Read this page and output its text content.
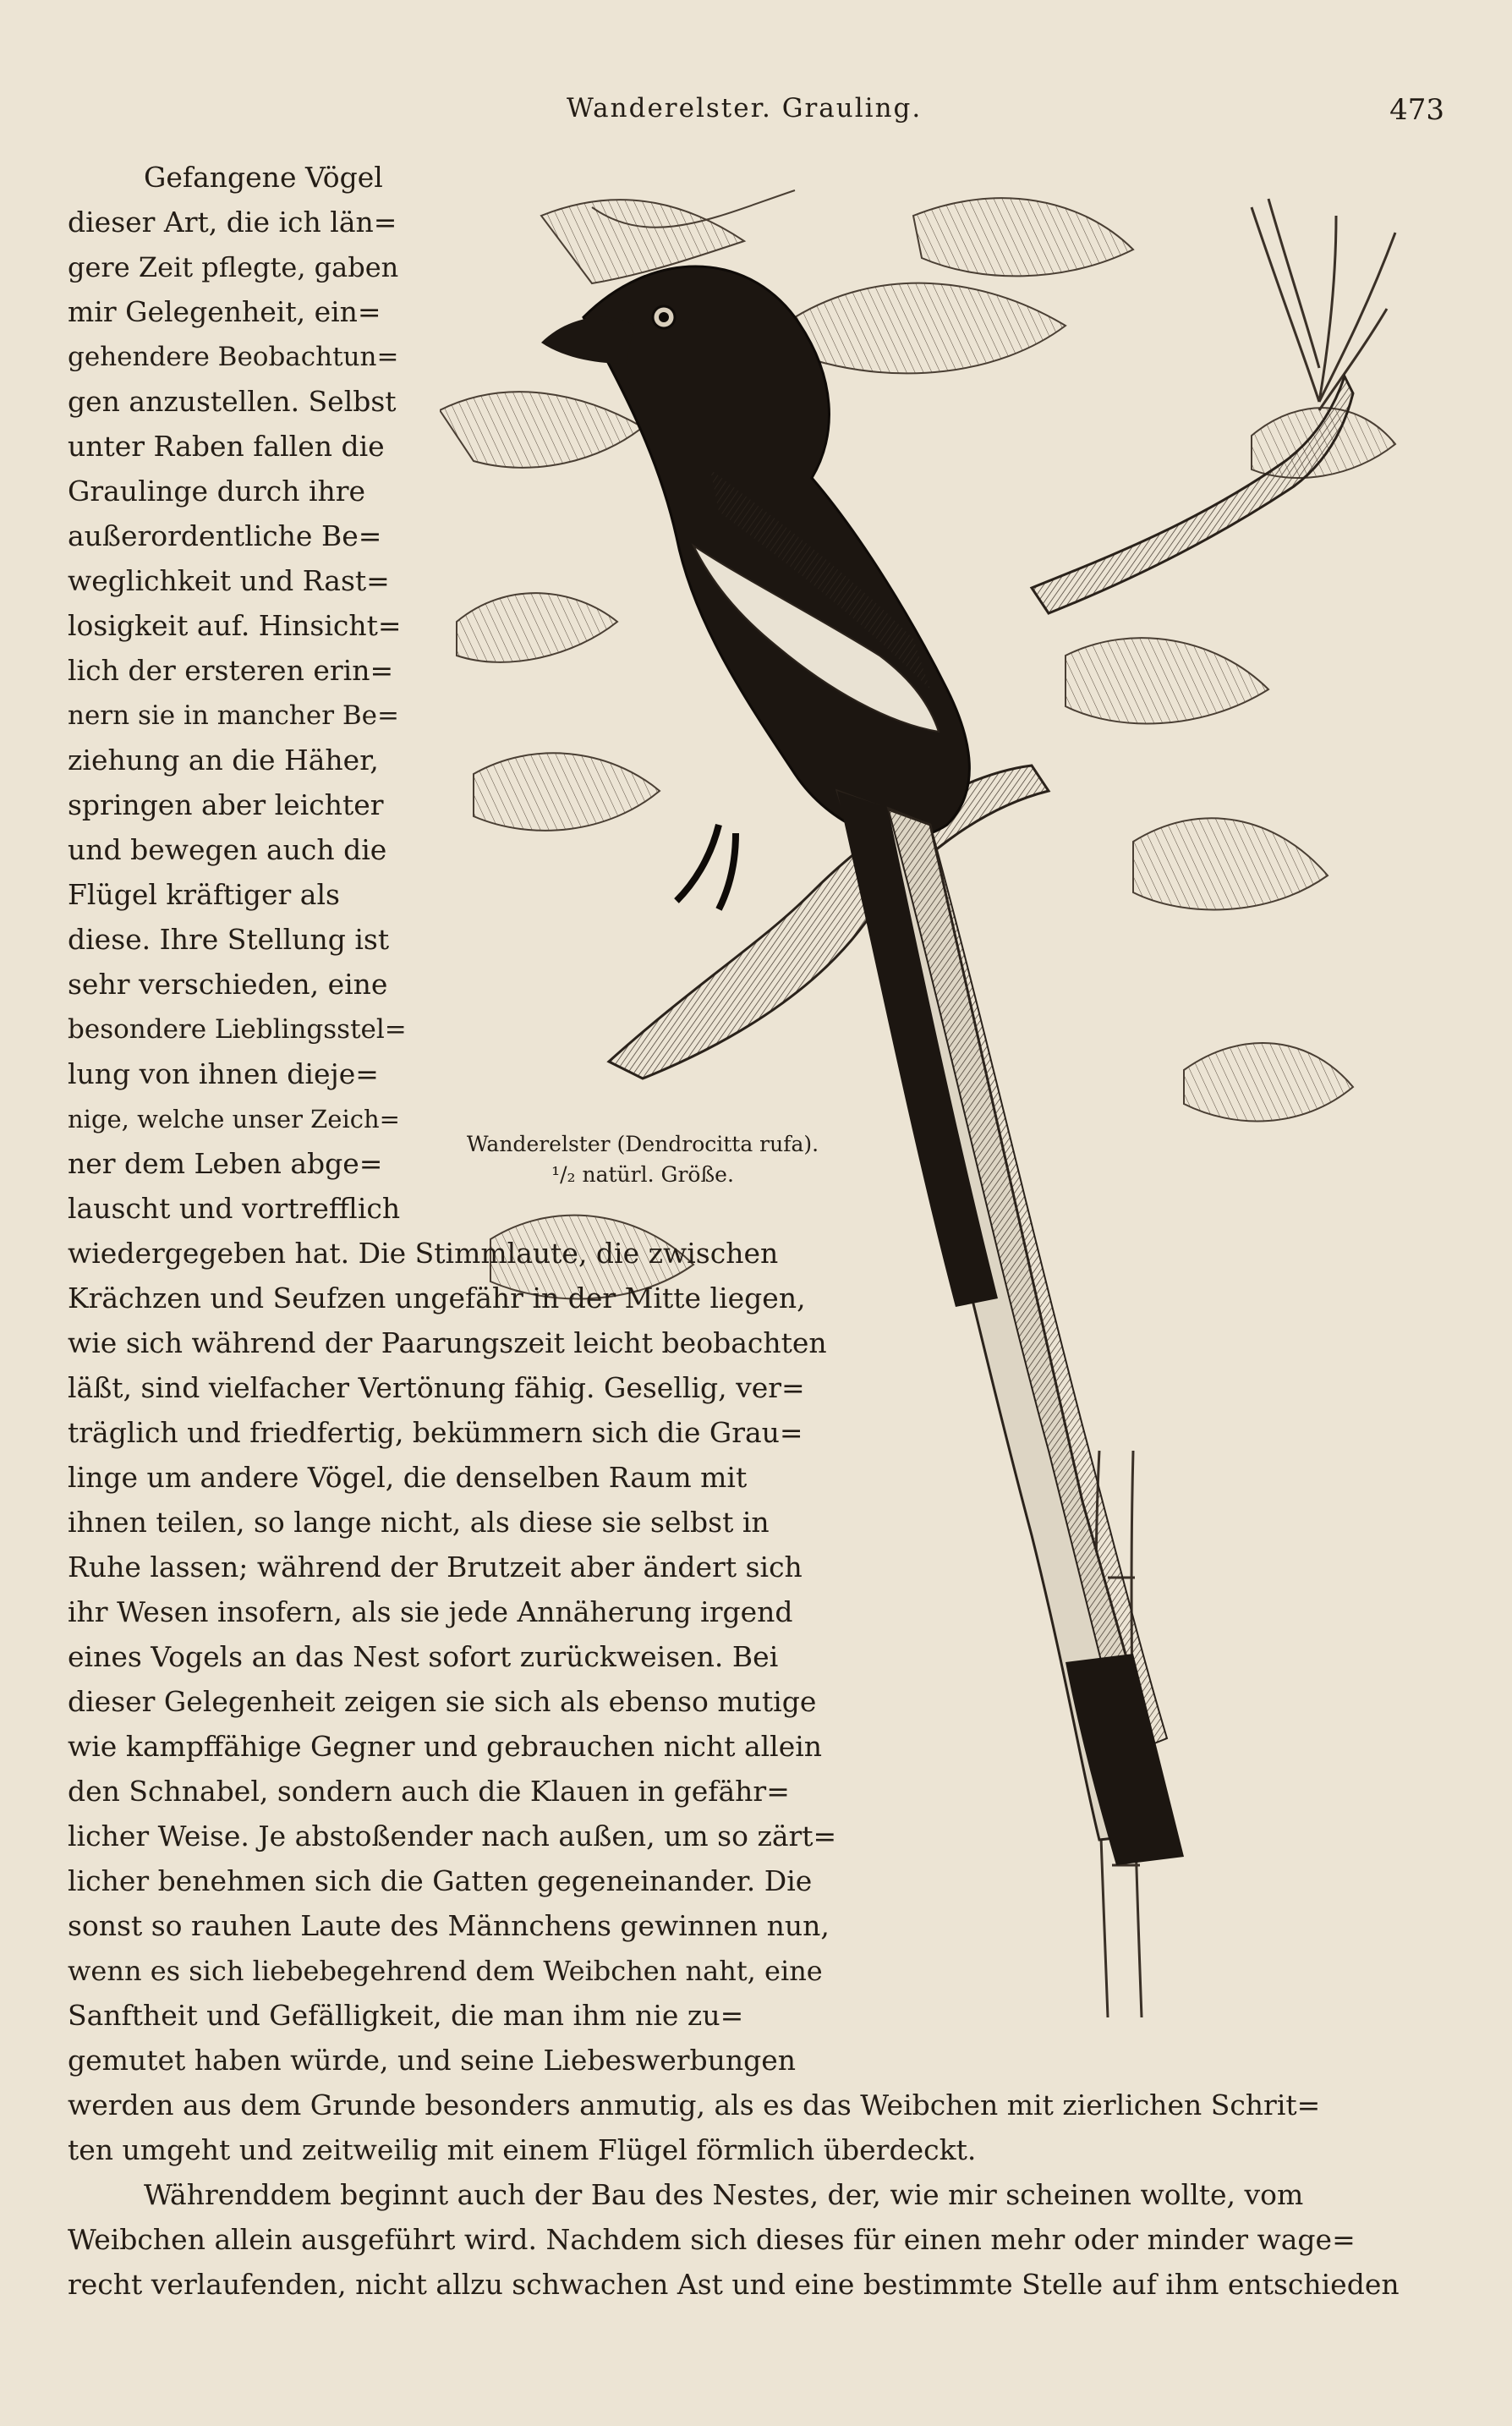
Wanderelster. Grauling.	473
Wanderelster (Dendrocitta rufa).
¹/₂ natürl. Größe.
Gefangene Vögel
dieser Art, die ich län=
gere Zeit pflegte, gaben
mir Gelegenheit, ein=
gehendere Beobachtun=
gen anzustellen. Selbst
unter Raben fallen die
Graulinge durch ihre
außerordentliche Be=
weglichkeit und Rast=
losigkeit auf. Hinsicht=
lich der ersteren erin=
nern sie in mancher Be=
ziehung an die Häher,
springen aber leichter
und bewegen auch die
Flügel kräftiger als
diese. Ihre Stellung ist
sehr verschieden, eine
besondere Lieblingsstel=
lung von ihnen dieje=
nige, welche unser Zeich=
ner dem Leben abge=
lauscht und vortrefflich
wiedergegeben hat. Die Stimmlaute, die zwischen
Krächzen und Seufzen ungefähr in der Mitte liegen,
wie sich während der Paarungszeit leicht beobachten
läßt, sind vielfacher Vertönung fähig. Gesellig, ver=
träglich und friedfertig, bekümmern sich die Grau=
linge um andere Vögel, die denselben Raum mit
ihnen teilen, so lange nicht, als diese sie selbst in
Ruhe lassen; während der Brutzeit aber ändert sich
ihr Wesen insofern, als sie jede Annäherung irgend
eines Vogels an das Nest sofort zurückweisen. Bei
dieser Gelegenheit zeigen sie sich als ebenso mutige
wie kampffähige Gegner und gebrauchen nicht allein
den Schnabel, sondern auch die Klauen in gefähr=
licher Weise. Je abstoßender nach außen, um so zärt=
licher benehmen sich die Gatten gegeneinander. Die
sonst so rauhen Laute des Männchens gewinnen nun,
wenn es sich liebebegehrend dem Weibchen naht, eine
Sanftheit und Gefälligkeit, die man ihm nie zu=
gemutet haben würde, und seine Liebeswerbungen
werden aus dem Grunde besonders anmutig, als es das Weibchen mit zierlichen Schrit=
ten umgeht und zeitweilig mit einem Flügel förmlich überdeckt.
Währenddem beginnt auch der Bau des Nestes, der, wie mir scheinen wollte, vom
Weibchen allein ausgeführt wird. Nachdem sich dieses für einen mehr oder minder wage=
recht verlaufenden, nicht allzu schwachen Ast und eine bestimmte Stelle auf ihm entschieden
